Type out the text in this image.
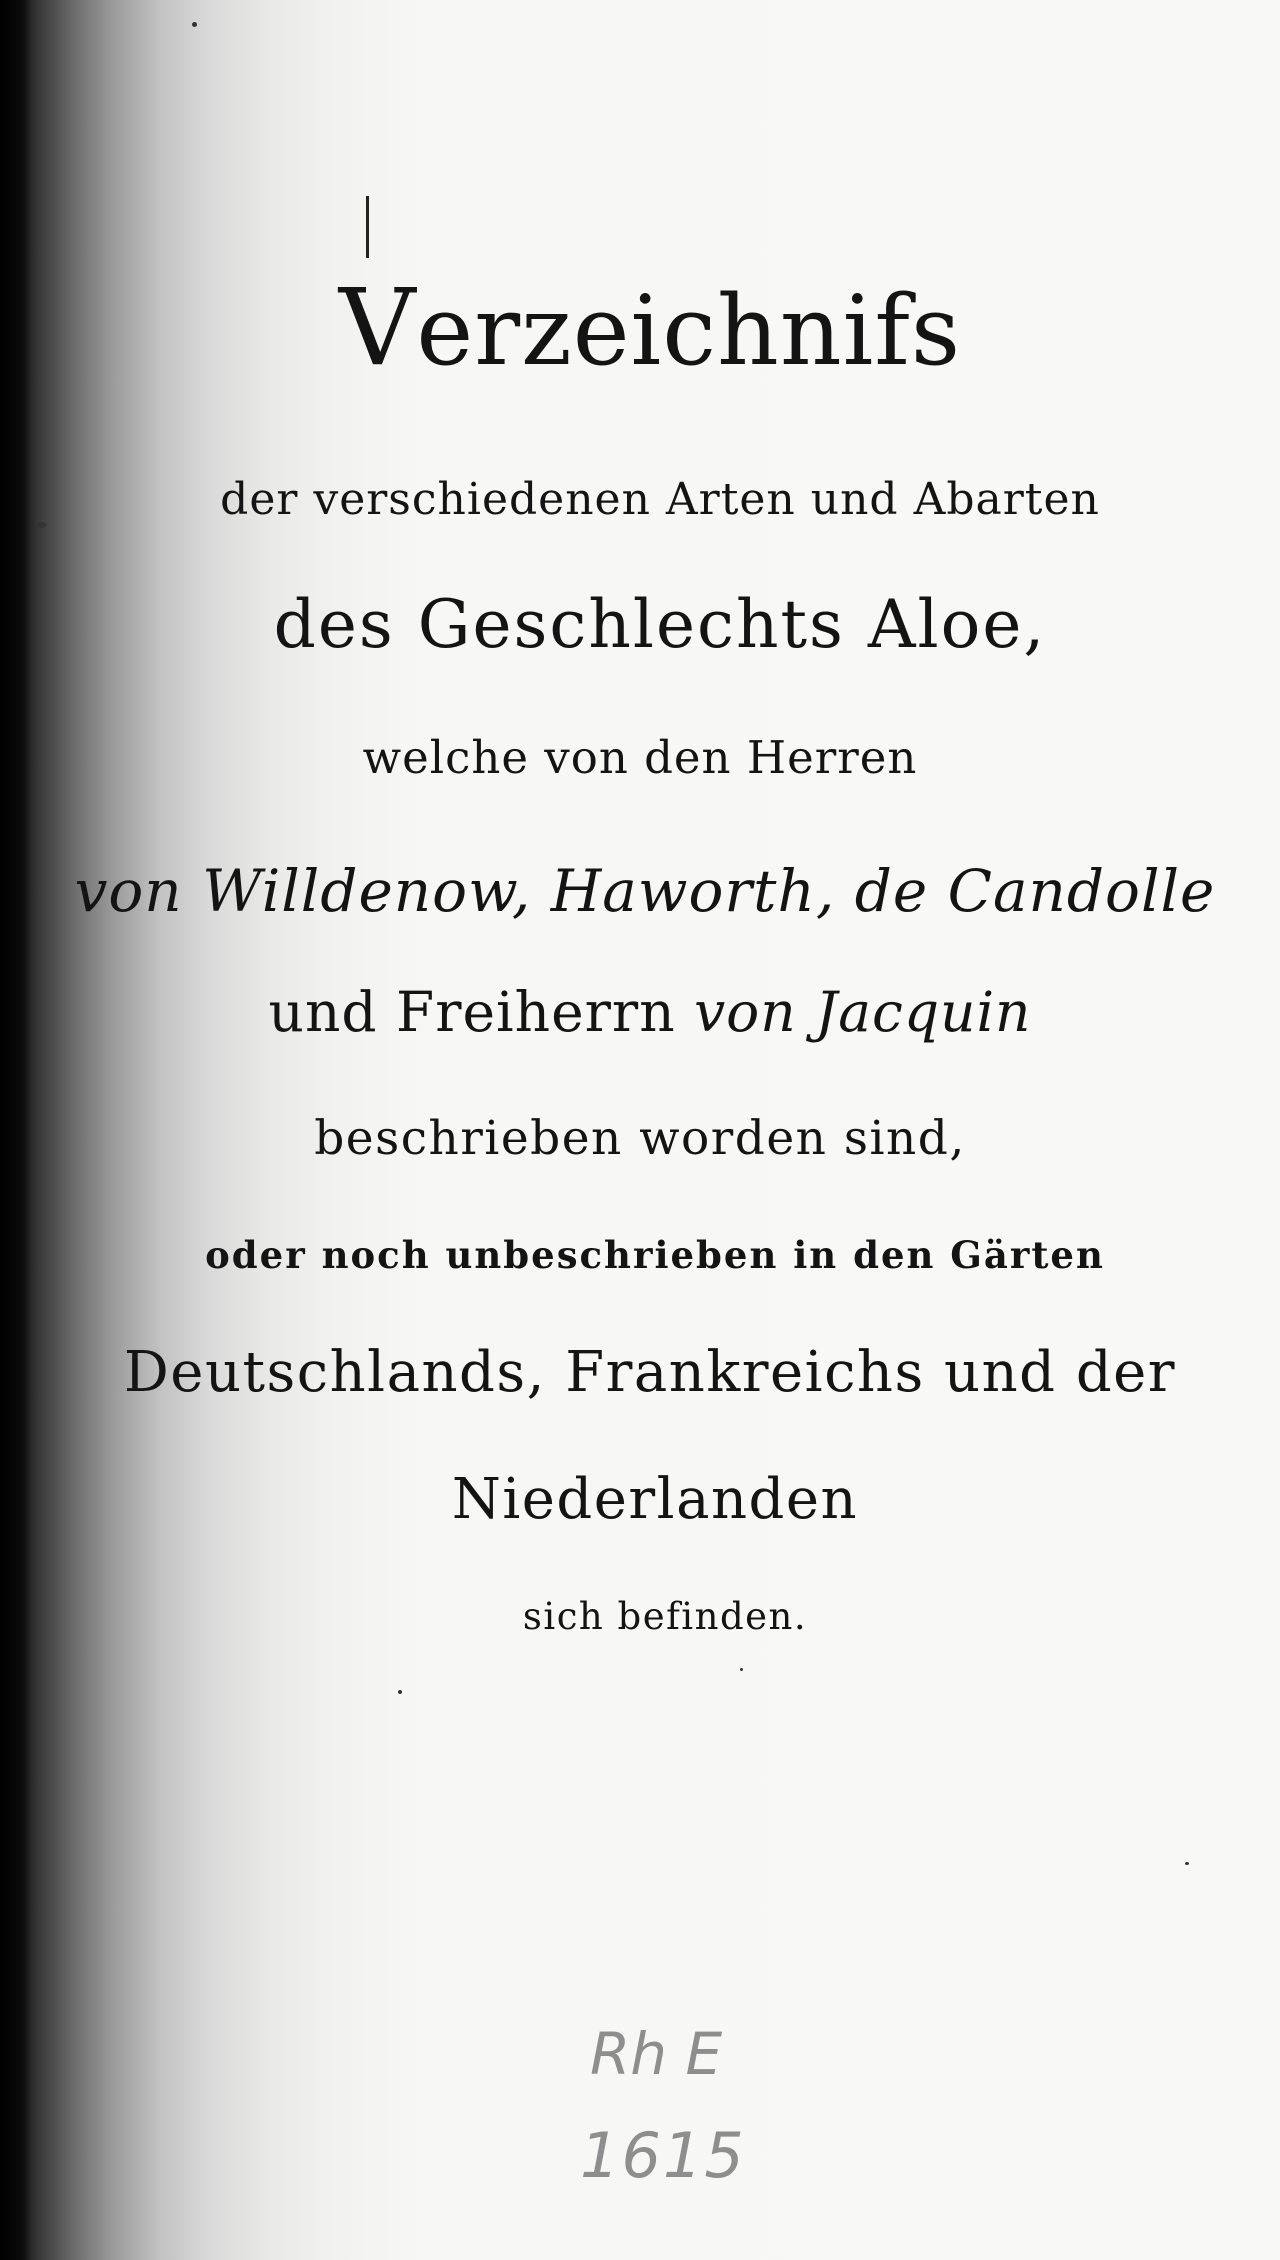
Verzeichnifs
der verschiedenen Arten und Abarten
des Geschlechts Aloe,
welche von den Herren
von Willdenow, Haworth, de Candolle
und Freiherrn von Jacquin
beschrieben worden sind,
oder noch unbeschrieben in den Gärten
Deutschlands, Frankreichs und der
Niederlanden
sich befinden.
Rh E
1615
